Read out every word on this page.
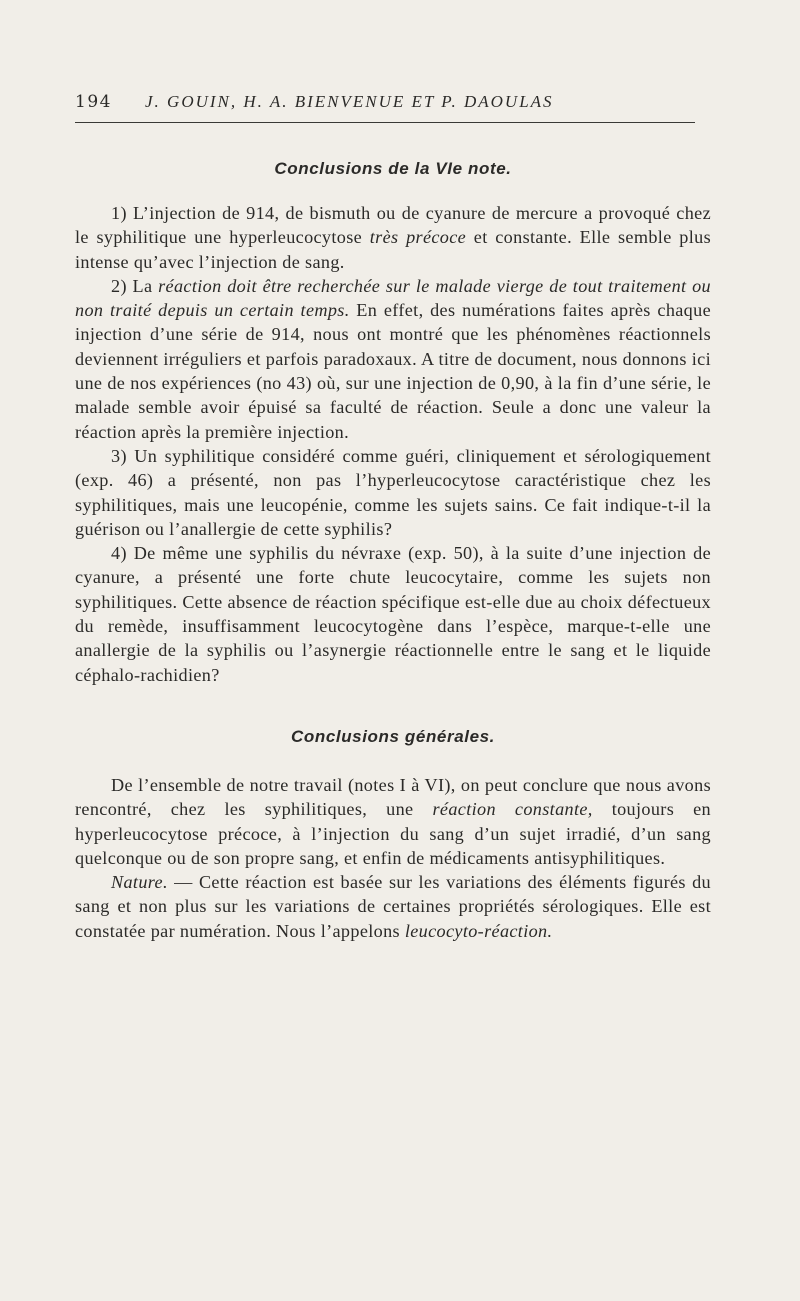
194	J. GOUIN, H. A. BIENVENUE ET P. DAOULAS
Conclusions de la VIe note.

1) L’injection de 914, de bismuth ou de cyanure de mercure a provoqué chez le syphilitique une hyperleucocytose très précoce et constante. Elle semble plus intense qu’avec l’injection de sang.

2) La réaction doit être recherchée sur le malade vierge de tout traitement ou non traité depuis un certain temps. En effet, des numérations faites après chaque injection d’une série de 914, nous ont montré que les phénomènes réactionnels deviennent irréguliers et parfois paradoxaux. A titre de document, nous donnons ici une de nos expériences (no 43) où, sur une injection de 0,90, à la fin d’une série, le malade semble avoir épuisé sa faculté de réaction. Seule a donc une valeur la réaction après la première injection.

3) Un syphilitique considéré comme guéri, cliniquement et sérologiquement (exp. 46) a présenté, non pas l’hyperleucocytose caractéristique chez les syphilitiques, mais une leucopénie, comme les sujets sains. Ce fait indique-t-il la guérison ou l’anallergie de cette syphilis?

4) De même une syphilis du névraxe (exp. 50), à la suite d’une injection de cyanure, a présenté une forte chute leucocytaire, comme les sujets non syphilitiques. Cette absence de réaction spécifique est-elle due au choix défectueux du remède, insuffisamment leucocytogène dans l’espèce, marque-t-elle une anallergie de la syphilis ou l’asynergie réactionnelle entre le sang et le liquide céphalo-rachidien?

Conclusions générales.

De l’ensemble de notre travail (notes I à VI), on peut conclure que nous avons rencontré, chez les syphilitiques, une réaction constante, toujours en hyperleucocytose précoce, à l’injection du sang d’un sujet irradié, d’un sang quelconque ou de son propre sang, et enfin de médicaments antisyphilitiques.

Nature. — Cette réaction est basée sur les variations des éléments figurés du sang et non plus sur les variations de certaines propriétés sérologiques. Elle est constatée par numération. Nous l’appelons leucocyto-réaction.
